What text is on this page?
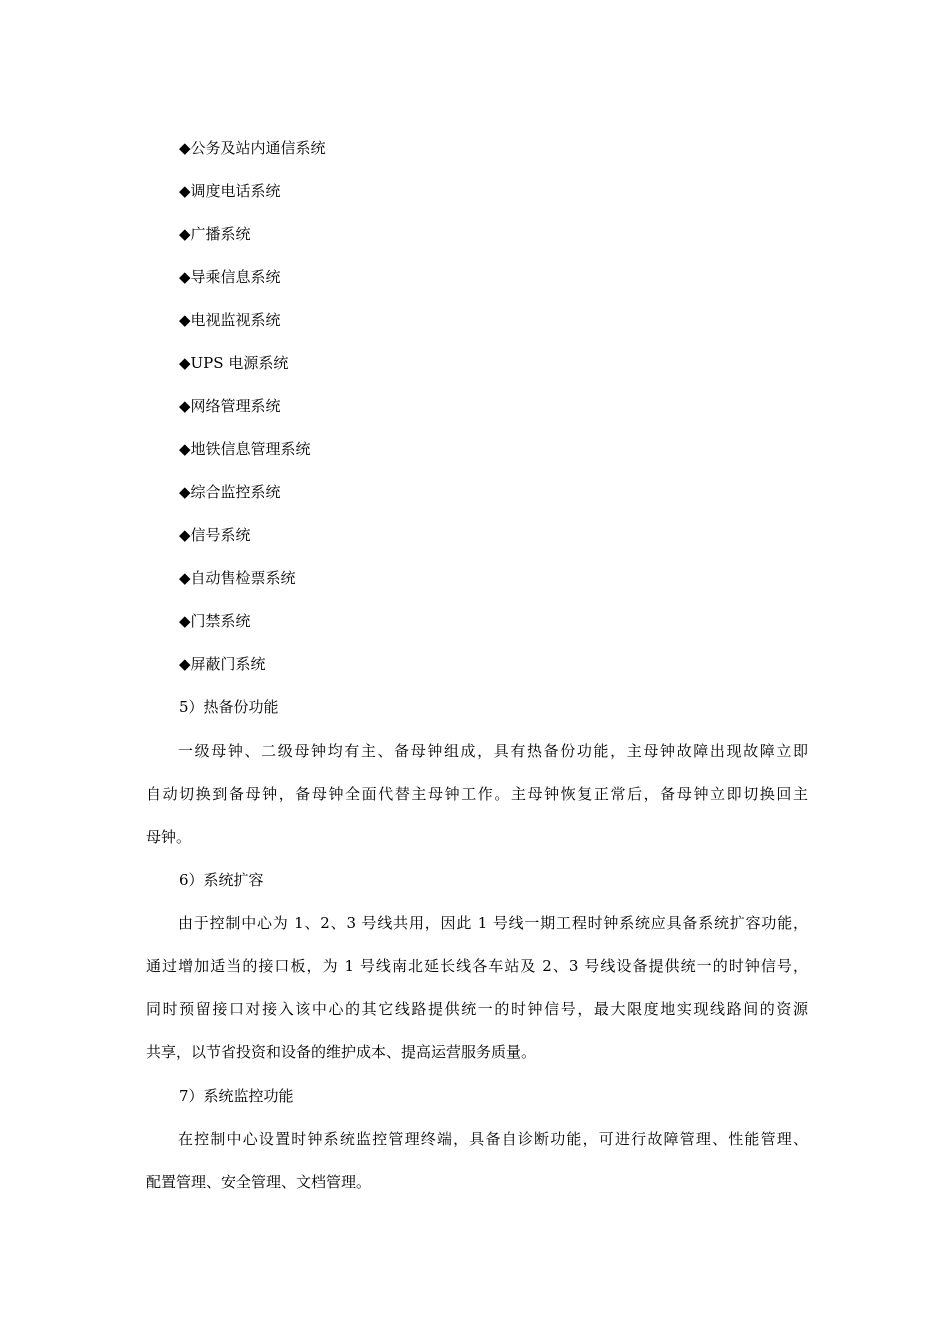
◆公务及站内通信系统

◆调度电话系统

◆广播系统

◆导乘信息系统

◆电视监视系统

◆UPS 电源系统

◆网络管理系统

◆地铁信息管理系统

◆综合监控系统

◆信号系统

◆自动售检票系统

◆门禁系统

◆屏蔽门系统

5）热备份功能

一级母钟、二级母钟均有主、备母钟组成，具有热备份功能，主母钟故障出现故障立即

自动切换到备母钟，备母钟全面代替主母钟工作。主母钟恢复正常后，备母钟立即切换回主

母钟。

6）系统扩容

由于控制中心为 1、2、3 号线共用，因此 1 号线一期工程时钟系统应具备系统扩容功能，

通过增加适当的接口板，为 1 号线南北延长线各车站及 2、3 号线设备提供统一的时钟信号，

同时预留接口对接入该中心的其它线路提供统一的时钟信号，最大限度地实现线路间的资源

共享，以节省投资和设备的维护成本、提高运营服务质量。

7）系统监控功能

在控制中心设置时钟系统监控管理终端，具备自诊断功能，可进行故障管理、性能管理、

配置管理、安全管理、文档管理。
